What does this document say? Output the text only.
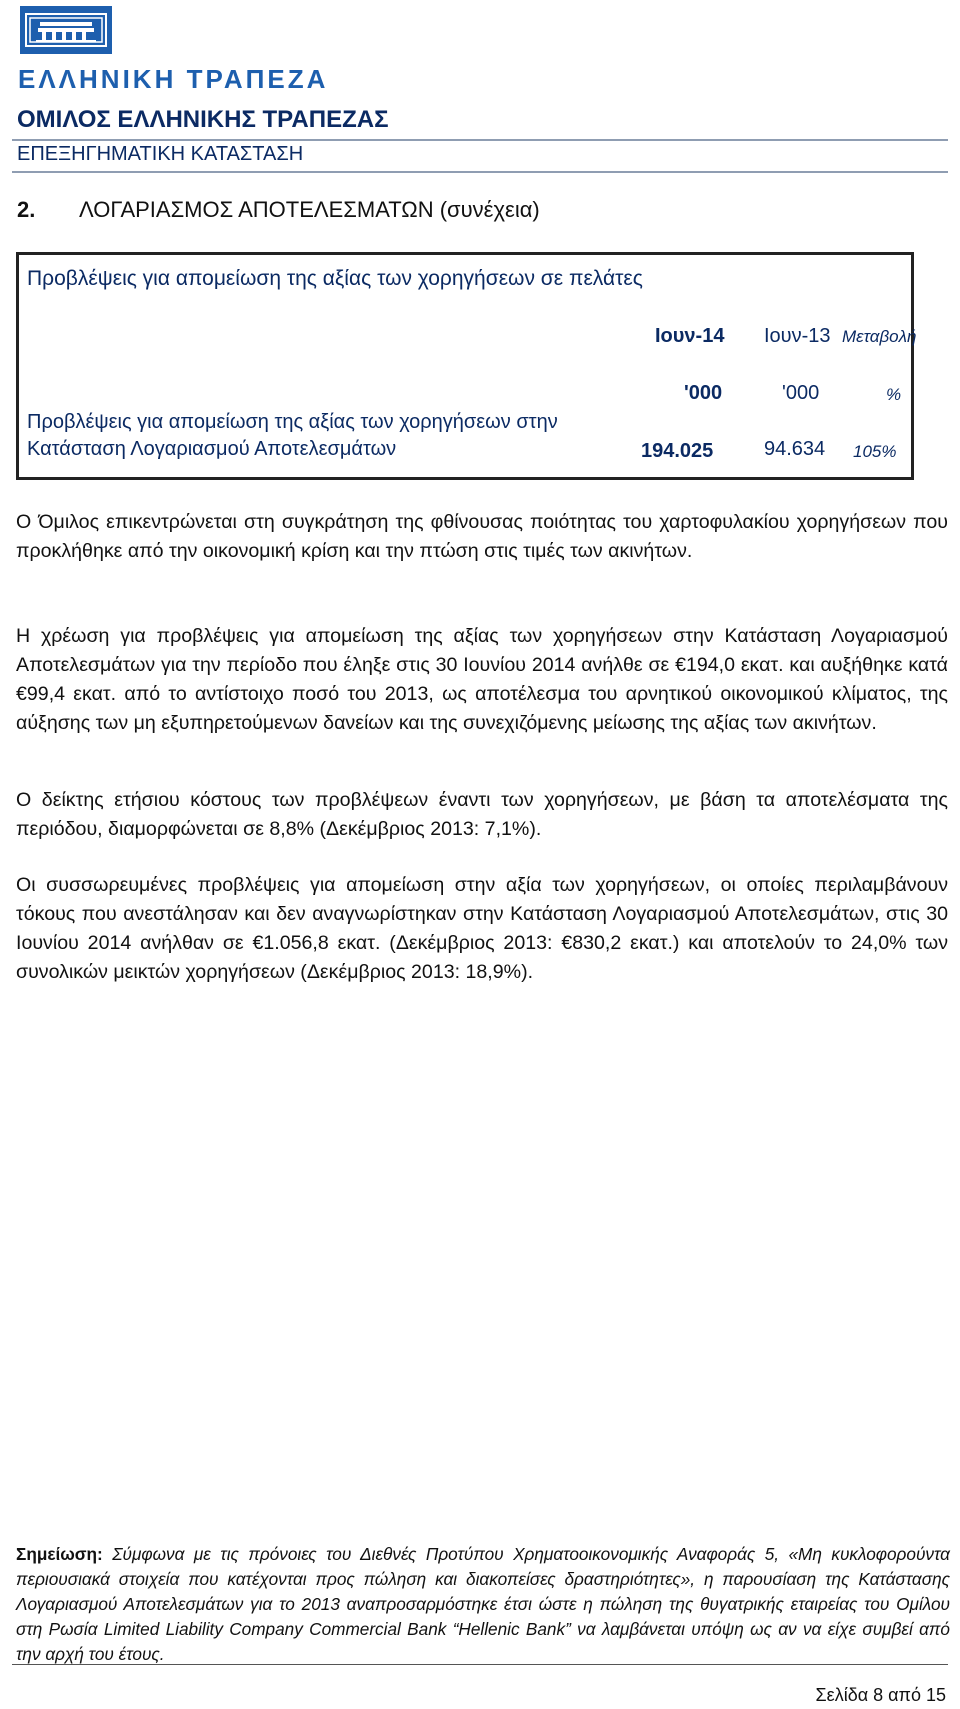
ΕΛΛΗΝΙΚΗ ΤΡΑΠΕΖΑ
ΟΜΙΛΟΣ ΕΛΛΗΝΙΚΗΣ ΤΡΑΠΕΖΑΣ
ΕΠΕΞΗΓΗΜΑΤΙΚΗ ΚΑΤΑΣΤΑΣΗ
2. ΛΟΓΑΡΙΑΣΜΟΣ ΑΠΟΤΕΛΕΣΜΑΤΩΝ (συνέχεια)
Προβλέψεις για απομείωση της αξίας των χορηγήσεων σε πελάτες
Ιουν-14 Ιουν-13 Μεταβολή
'000	'000	%
Προβλέψεις για απομείωση της αξίας των χορηγήσεων στην
Κατάσταση Λογαριασμού Αποτελεσμάτων	194.025	94.634 105%

Ο Όμιλος επικεντρώνεται στη συγκράτηση της φθίνουσας ποιότητας του χαρτοφυλακίου χορηγήσεων που προκλήθηκε από την οικονομική κρίση και την πτώση στις τιμές των ακινήτων.

Η χρέωση για προβλέψεις για απομείωση της αξίας των χορηγήσεων στην Κατάσταση Λογαριασμού Αποτελεσμάτων για την περίοδο που έληξε στις 30 Ιουνίου 2014 ανήλθε σε €194,0 εκατ. και αυξήθηκε κατά €99,4 εκατ. από το αντίστοιχο ποσό του 2013, ως αποτέλεσμα του αρνητικού οικονομικού κλίματος, της αύξησης των μη εξυπηρετούμενων δανείων και της συνεχιζόμενης μείωσης της αξίας των ακινήτων.

Ο δείκτης ετήσιου κόστους των προβλέψεων έναντι των χορηγήσεων, με βάση τα αποτελέσματα της περιόδου, διαμορφώνεται σε 8,8% (Δεκέμβριος 2013: 7,1%).

Οι συσσωρευμένες προβλέψεις για απομείωση στην αξία των χορηγήσεων, οι οποίες περιλαμβάνουν τόκους που ανεστάλησαν και δεν αναγνωρίστηκαν στην Κατάσταση Λογαριασμού Αποτελεσμάτων, στις 30 Ιουνίου 2014 ανήλθαν σε €1.056,8 εκατ. (Δεκέμβριος 2013: €830,2 εκατ.) και αποτελούν το 24,0% των συνολικών μεικτών χορηγήσεων (Δεκέμβριος 2013: 18,9%).

Σημείωση: Σύμφωνα με τις πρόνοιες του Διεθνές Προτύπου Χρηματοοικονομικής Αναφοράς 5, «Μη κυκλοφορούντα περιουσιακά στοιχεία που κατέχονται προς πώληση και διακοπείσες δραστηριότητες», η παρουσίαση της Κατάστασης Λογαριασμού Αποτελεσμάτων για το 2013 αναπροσαρμόστηκε έτσι ώστε η πώληση της θυγατρικής εταιρείας του Ομίλου στη Ρωσία Limited Liability Company Commercial Bank “Hellenic Bank” να λαμβάνεται υπόψη ως αν να είχε συμβεί από την αρχή του έτους.

Σελίδα 8 από 15
